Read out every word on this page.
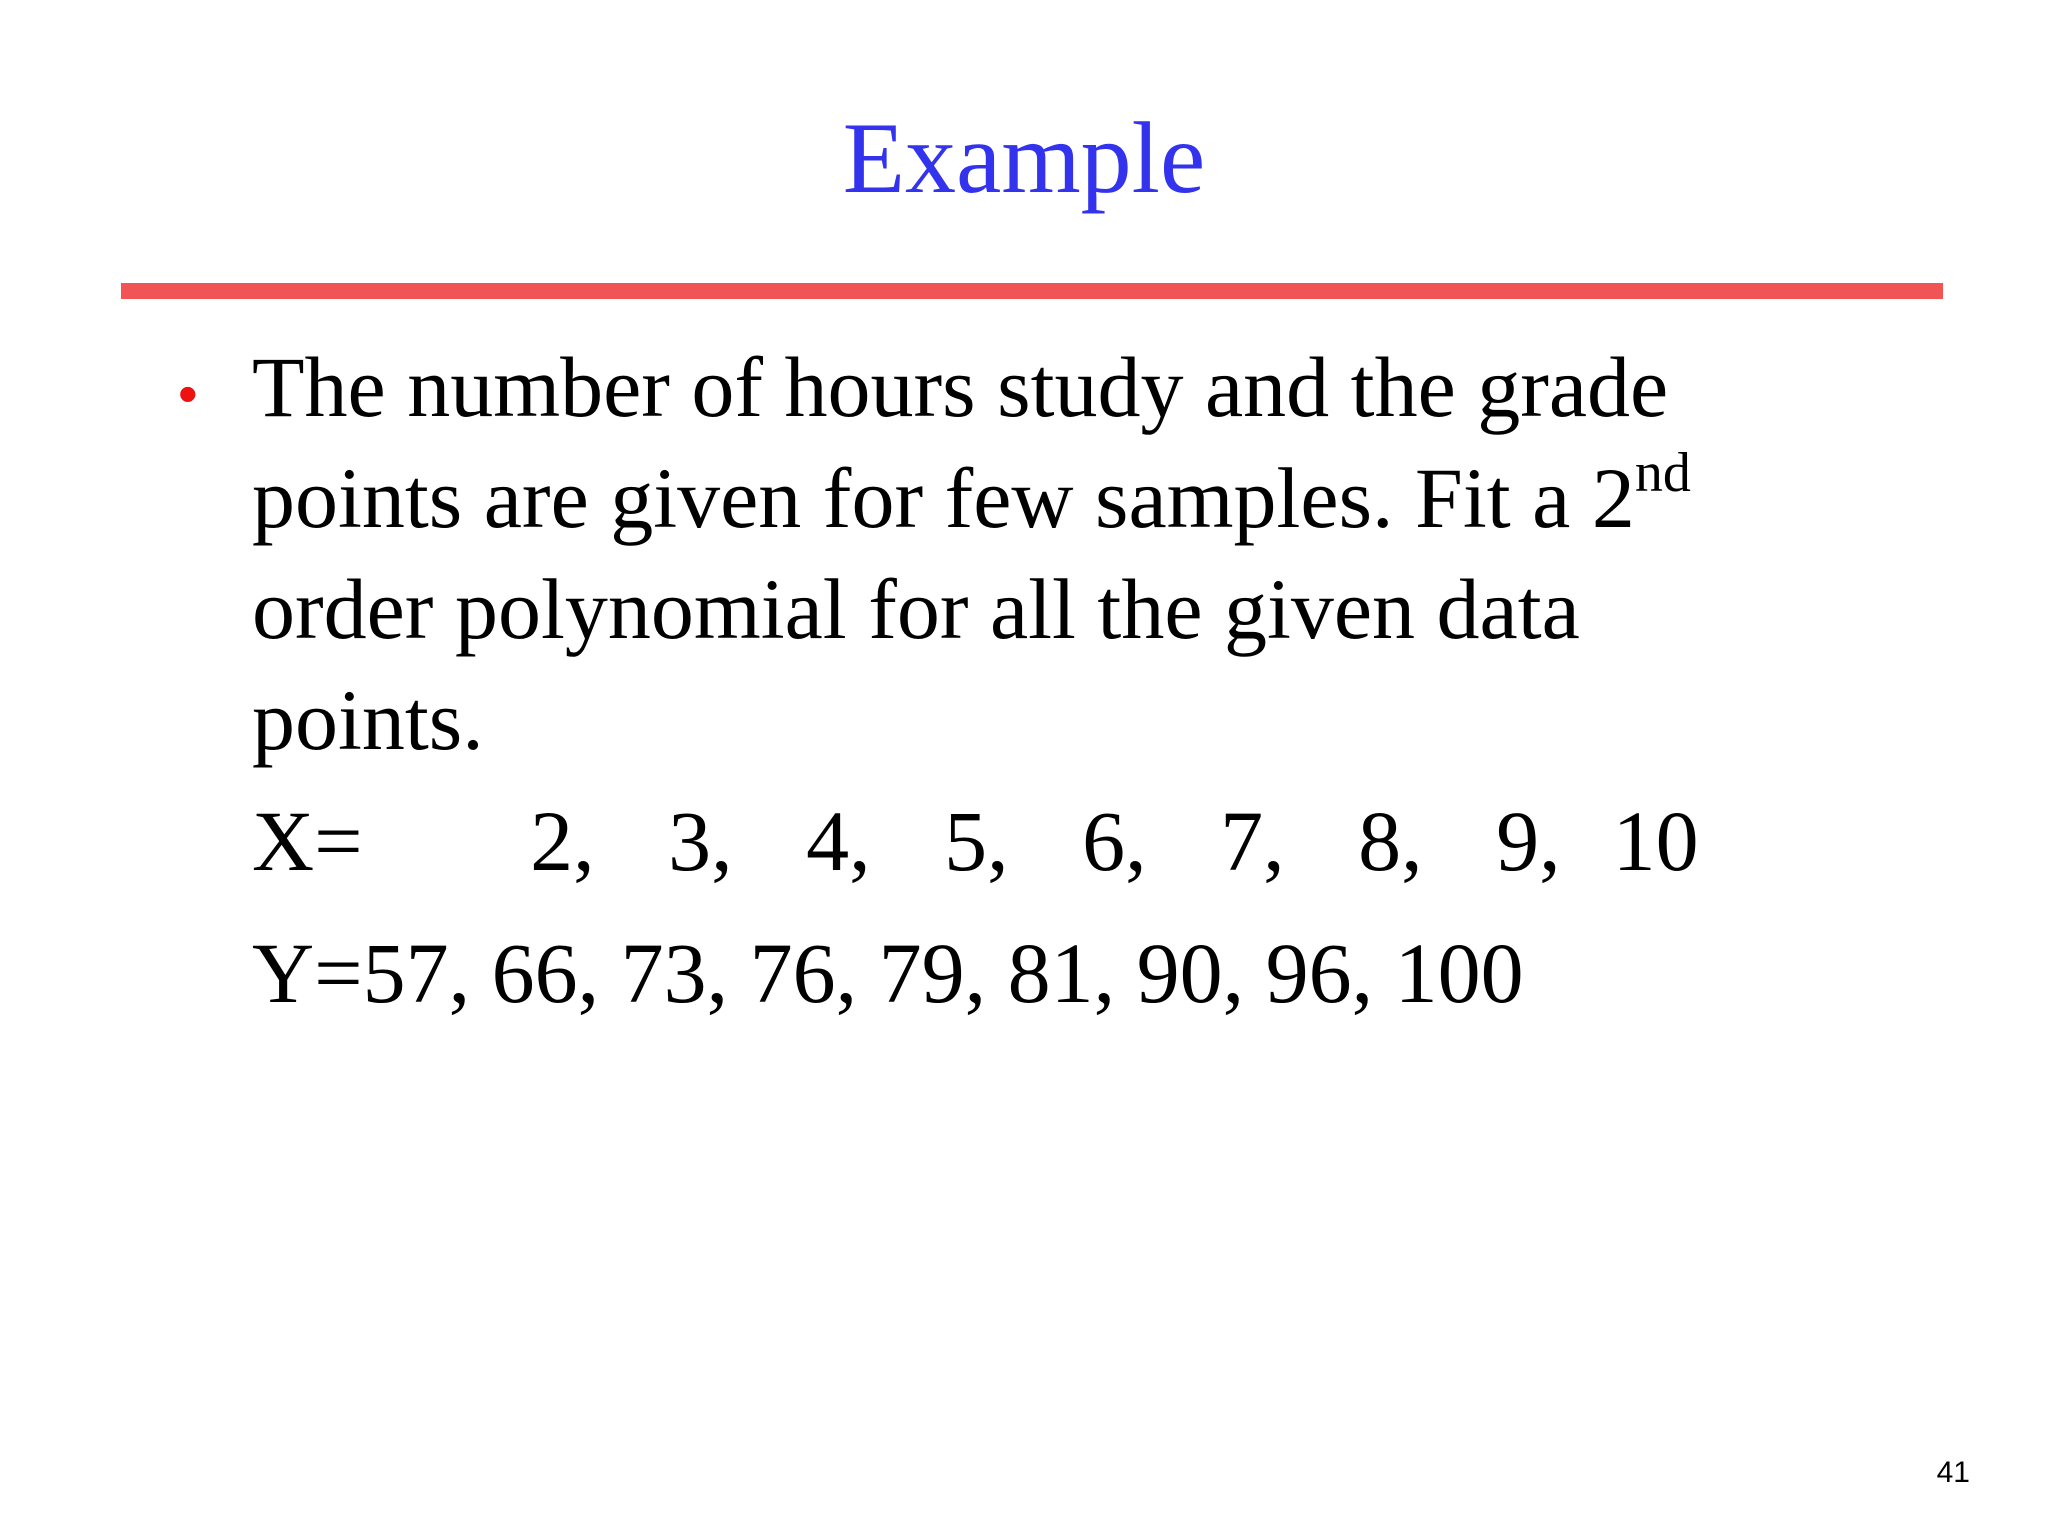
Example
• The number of hours study and the grade points are given for few samples. Fit a 2nd order polynomial for all the given data points.
X=	2, 3, 4, 5, 6, 7, 8, 9, 10
Y= 57, 66, 73, 76, 79, 81, 90, 96, 100
41
